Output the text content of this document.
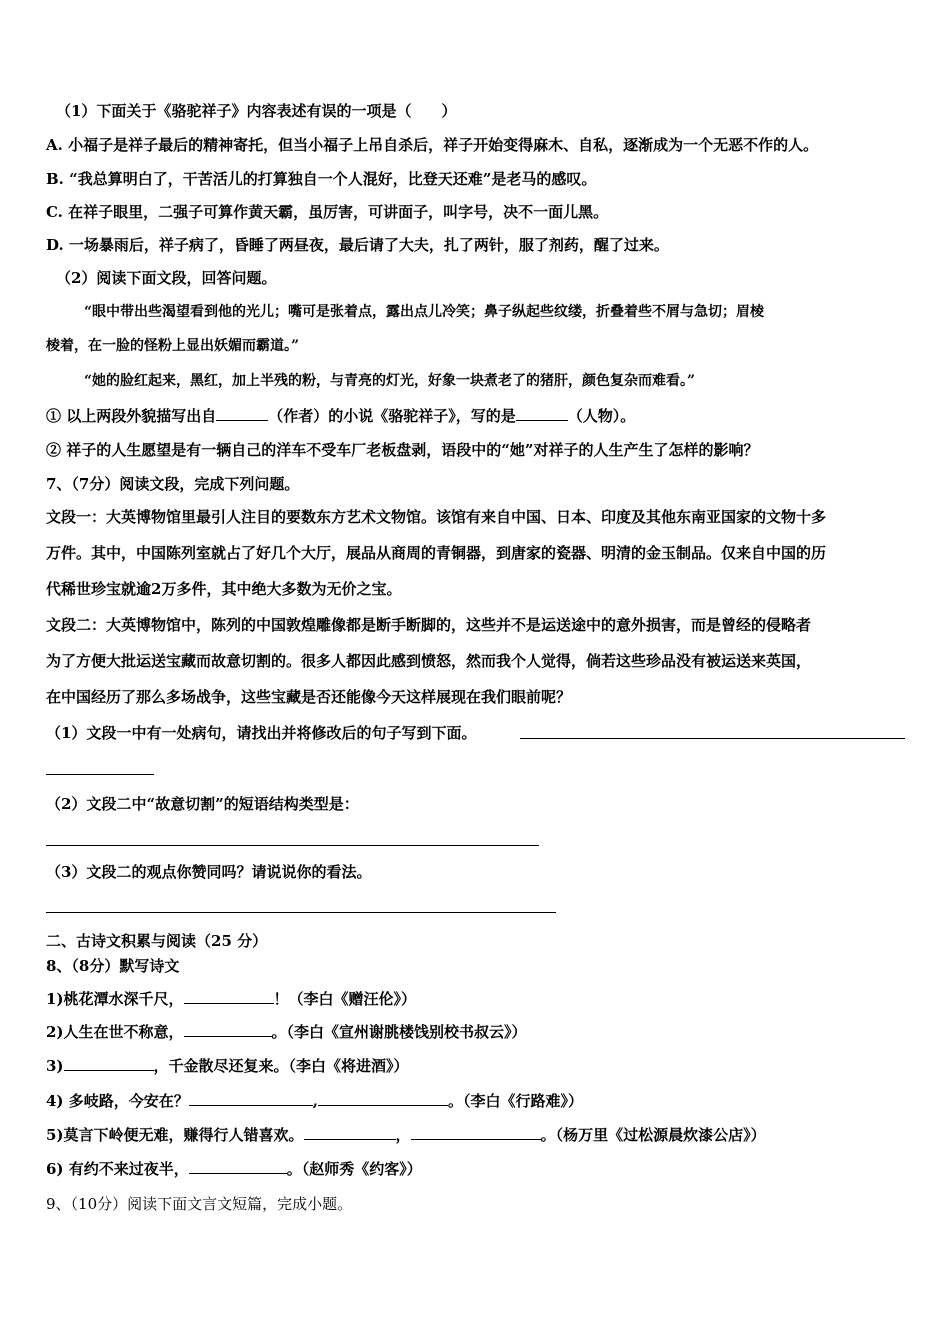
（1）下面关于《骆驼祥子》内容表述有误的一项是（　　）
A. 小福子是祥子最后的精神寄托，但当小福子上吊自杀后，祥子开始变得麻木、自私，逐渐成为一个无恶不作的人。
B. “我总算明白了，干苦活儿的打算独自一个人混好，比登天还难”是老马的感叹。
C. 在祥子眼里，二强子可算作黄天霸，虽厉害，可讲面子，叫字号，决不一面儿黑。
D. 一场暴雨后，祥子病了，昏睡了两昼夜，最后请了大夫，扎了两针，服了剂药，醒了过来。
（2）阅读下面文段，回答问题。
“眼中带出些渴望看到他的光儿；嘴可是张着点，露出点儿冷笑；鼻子纵起些纹缕，折叠着些不屑与急切；眉棱
棱着，在一脸的怪粉上显出妖媚而霸道。”
“她的脸红起来，黑红，加上半残的粉，与青亮的灯光，好象一块煮老了的猪肝，颜色复杂而难看。”
① 以上两段外貌描写出自	（作者）的小说《骆驼祥子》，写的是	（人物）。
② 祥子的人生愿望是有一辆自己的洋车不受车厂老板盘剥，语段中的“她”对祥子的人生产生了怎样的影响？
7、（7分）阅读文段，完成下列问题。
文段一：大英博物馆里最引人注目的要数东方艺术文物馆。该馆有来自中国、日本、印度及其他东南亚国家的文物十多
万件。其中，中国陈列室就占了好几个大厅，展品从商周的青铜器，到唐家的瓷器、明清的金玉制品。仅来自中国的历
代稀世珍宝就逾2万多件，其中绝大多数为无价之宝。
文段二：大英博物馆中，陈列的中国敦煌雕像都是断手断脚的，这些并不是运送途中的意外损害，而是曾经的侵略者
为了方便大批运送宝藏而故意切割的。很多人都因此感到愤怒，然而我个人觉得，倘若这些珍品没有被运送来英国，
在中国经历了那么多场战争，这些宝藏是否还能像今天这样展现在我们眼前呢？
（1）文段一中有一处病句，请找出并将修改后的句子写到下面。
（2）文段二中“故意切割”的短语结构类型是：
（3）文段二的观点你赞同吗？请说说你的看法。
二、古诗文积累与阅读（25 分）
8、（8分）默写诗文
1)桃花潭水深千尺，	！（李白《赠汪伦》）
2)人生在世不称意，	。（李白《宣州谢朓楼饯别校书叔云》）
3)	，千金散尽还复来。（李白《将进酒》）
4) 多岐路，今安在？	,	。（李白《行路难》）
5)莫言下岭便无难，赚得行人错喜欢。	，	。（杨万里《过松源晨炊漆公店》）
6) 有约不来过夜半，	。（赵师秀《约客》）
9、（10分）阅读下面文言文短篇，完成小题。
